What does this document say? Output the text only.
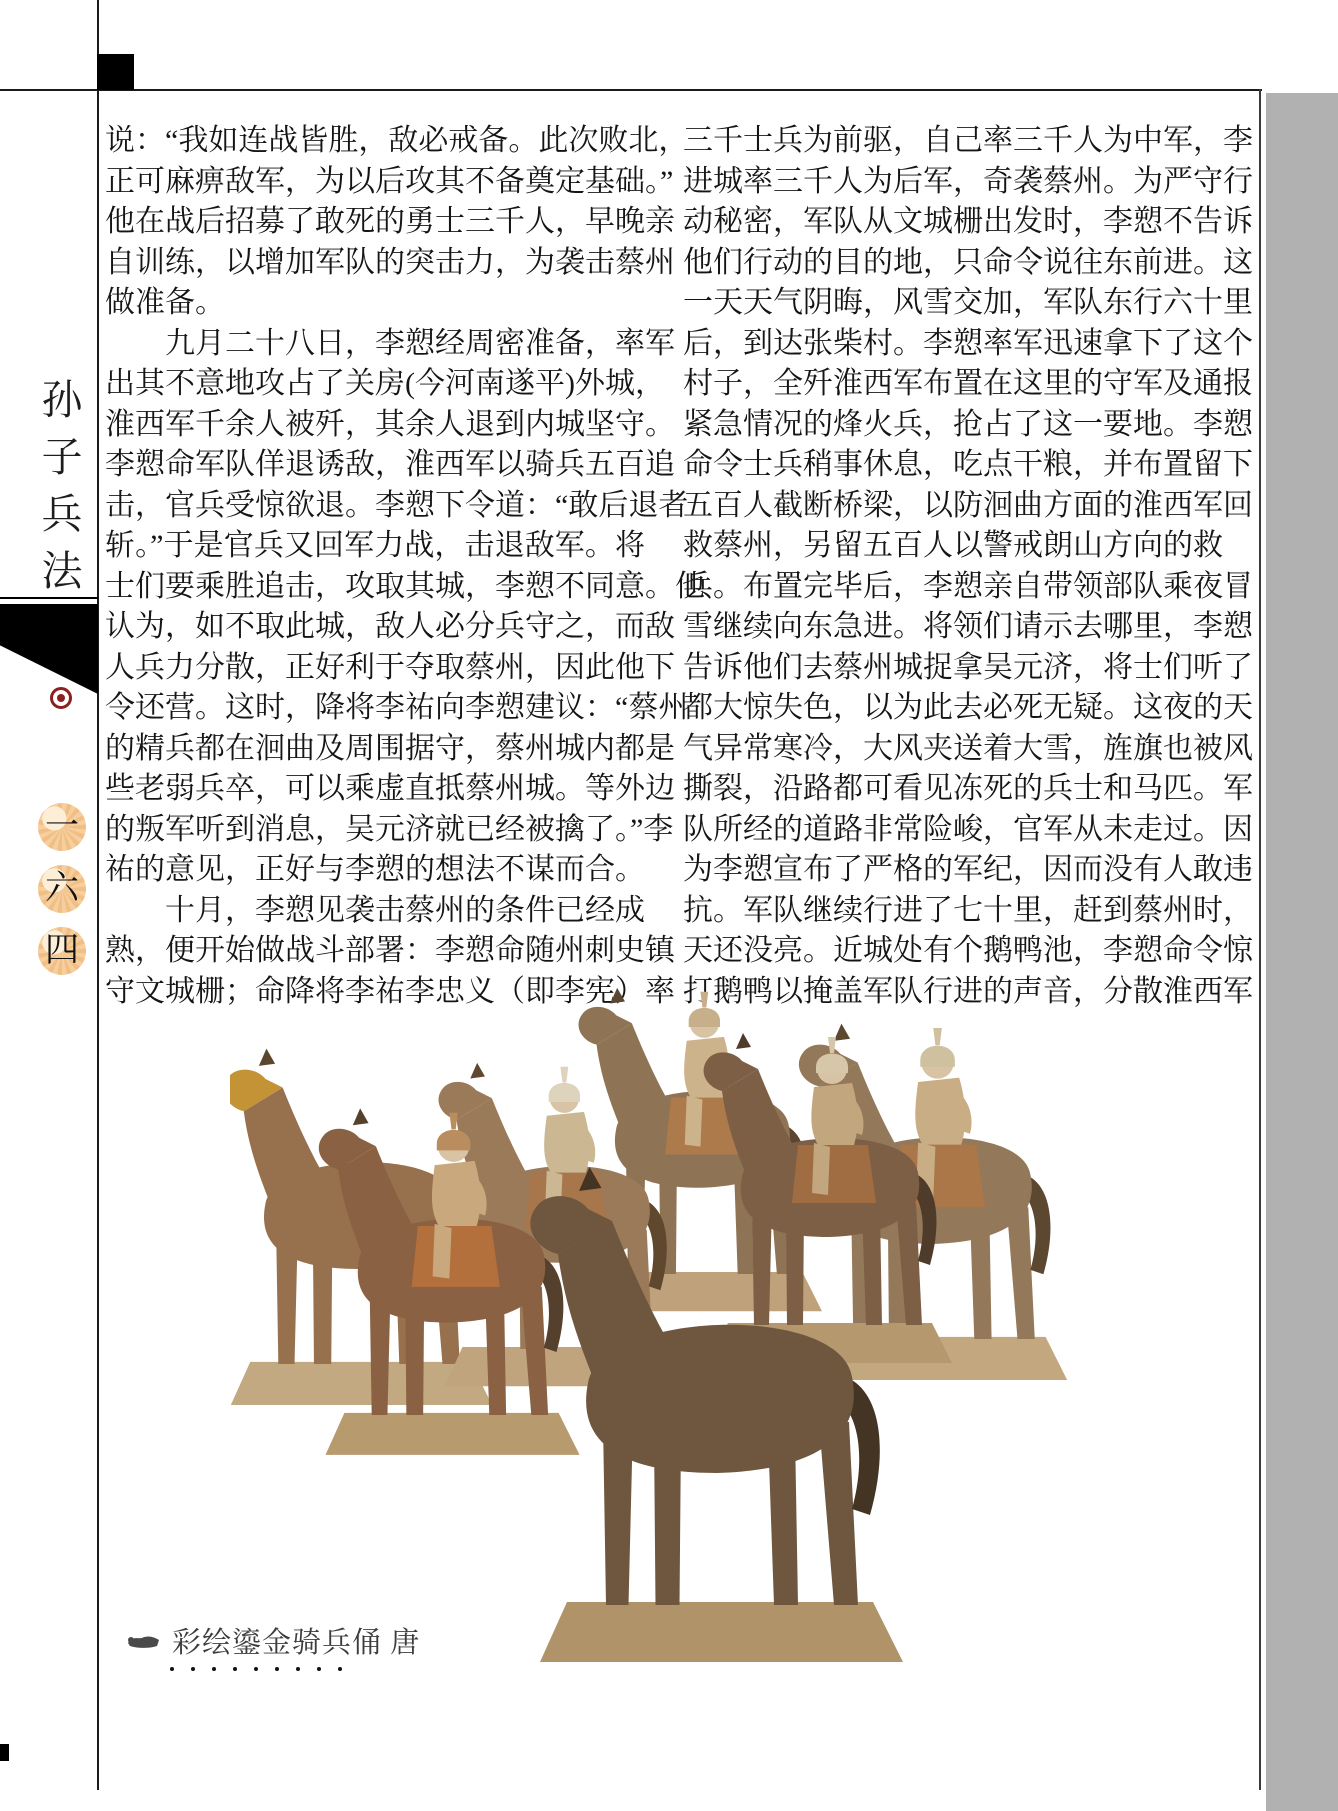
孙
子
兵
法
一
六
四
说：“我如连战皆胜，敌必戒备。此次败北，
正可麻痹敌军，为以后攻其不备奠定基础。”
他在战后招募了敢死的勇士三千人，早晚亲
自训练，以增加军队的突击力，为袭击蔡州
做准备。
　　九月二十八日，李愬经周密准备，率军
出其不意地攻占了关房(今河南遂平)外城，
淮西军千余人被歼，其余人退到内城坚守。
李愬命军队佯退诱敌，淮西军以骑兵五百追
击，官兵受惊欲退。李愬下令道：“敢后退者
斩。”于是官兵又回军力战，击退敌军。将
士们要乘胜追击，攻取其城，李愬不同意。他
认为，如不取此城，敌人必分兵守之，而敌
人兵力分散，正好利于夺取蔡州，因此他下
令还营。这时，降将李祐向李愬建议：“蔡州
的精兵都在洄曲及周围据守，蔡州城内都是
些老弱兵卒，可以乘虚直抵蔡州城。等外边
的叛军听到消息，吴元济就已经被擒了。”李
祐的意见，正好与李愬的想法不谋而合。
　　十月，李愬见袭击蔡州的条件已经成
熟，便开始做战斗部署：李愬命随州刺史镇
守文城栅；命降将李祐李忠义（即李宪）率
三千士兵为前驱，自己率三千人为中军，李
进城率三千人为后军，奇袭蔡州。为严守行
动秘密，军队从文城栅出发时，李愬不告诉
他们行动的目的地，只命令说往东前进。这
一天天气阴晦，风雪交加，军队东行六十里
后，到达张柴村。李愬率军迅速拿下了这个
村子，全歼淮西军布置在这里的守军及通报
紧急情况的烽火兵，抢占了这一要地。李愬
命令士兵稍事休息，吃点干粮，并布置留下
五百人截断桥梁，以防洄曲方面的淮西军回
救蔡州，另留五百人以警戒朗山方向的救
兵。布置完毕后，李愬亲自带领部队乘夜冒
雪继续向东急进。将领们请示去哪里，李愬
告诉他们去蔡州城捉拿吴元济，将士们听了
都大惊失色，以为此去必死无疑。这夜的天
气异常寒冷，大风夹送着大雪，旌旗也被风
撕裂，沿路都可看见冻死的兵士和马匹。军
队所经的道路非常险峻，官军从未走过。因
为李愬宣布了严格的军纪，因而没有人敢违
抗。军队继续行进了七十里，赶到蔡州时，
天还没亮。近城处有个鹅鸭池，李愬命令惊
打鹅鸭以掩盖军队行进的声音，分散淮西军
彩绘鎏金骑兵俑 唐
